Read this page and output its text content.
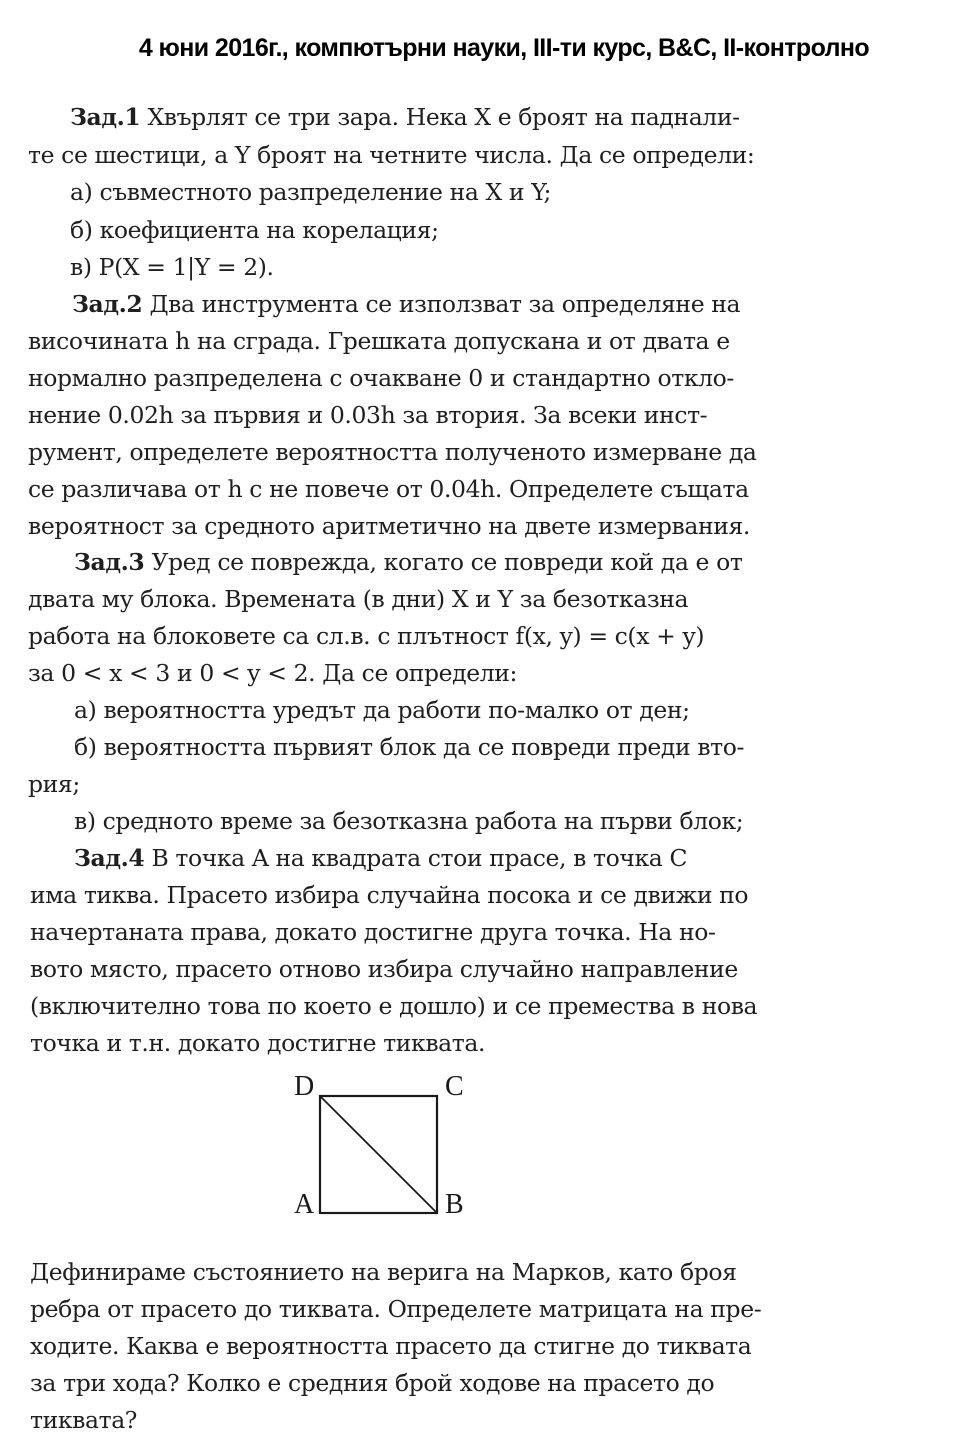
4 юни 2016г., компютърни науки, III-ти курс, B&C, II-контролно
Зад.1 Хвърлят се три зара. Нека X е броят на паднали-
те се шестици, а Y броят на четните числа. Да се определи:
а) съвместното разпределение на X и Y;
б) коефициента на корелация;
в) P(X = 1|Y = 2).
Зад.2 Два инструмента се използват за определяне на
височината h на сграда. Грешката допускана и от двата е
нормално разпределена с очакване 0 и стандартно откло-
нение 0.02h за първия и 0.03h за втория. За всеки инст-
румент, определете вероятността полученото измерване да
се различава от h с не повече от 0.04h. Определете същата
вероятност за средното аритметично на двете измервания.
Зад.3 Уред се поврежда, когато се повреди кой да е от
двата му блока. Времената (в дни) X и Y за безотказна
работа на блоковете са сл.в. с плътност f(x, y) = c(x + y)
за 0 < x < 3 и 0 < y < 2. Да се определи:
а) вероятността уредът да работи по-малко от ден;
б) вероятността първият блок да се повреди преди вто-
рия;
в) средното време за безотказна работа на първи блок;
Зад.4 В точка A на квадрата стои прасе, в точка C
има тиква. Прасето избира случайна посока и се движи по
начертаната права, докато достигне друга точка. На но-
вото място, прасето отново избира случайно направление
(включително това по което е дошло) и се премества в нова
точка и т.н. докато достигне тиквата.
D	C
A	B
Дефинираме състоянието на верига на Марков, като броя
ребра от прасето до тиквата. Определете матрицата на пре-
ходите. Каква е вероятността прасето да стигне до тиквата
за три хода? Колко е средния брой ходове на прасето до
тиквата?
